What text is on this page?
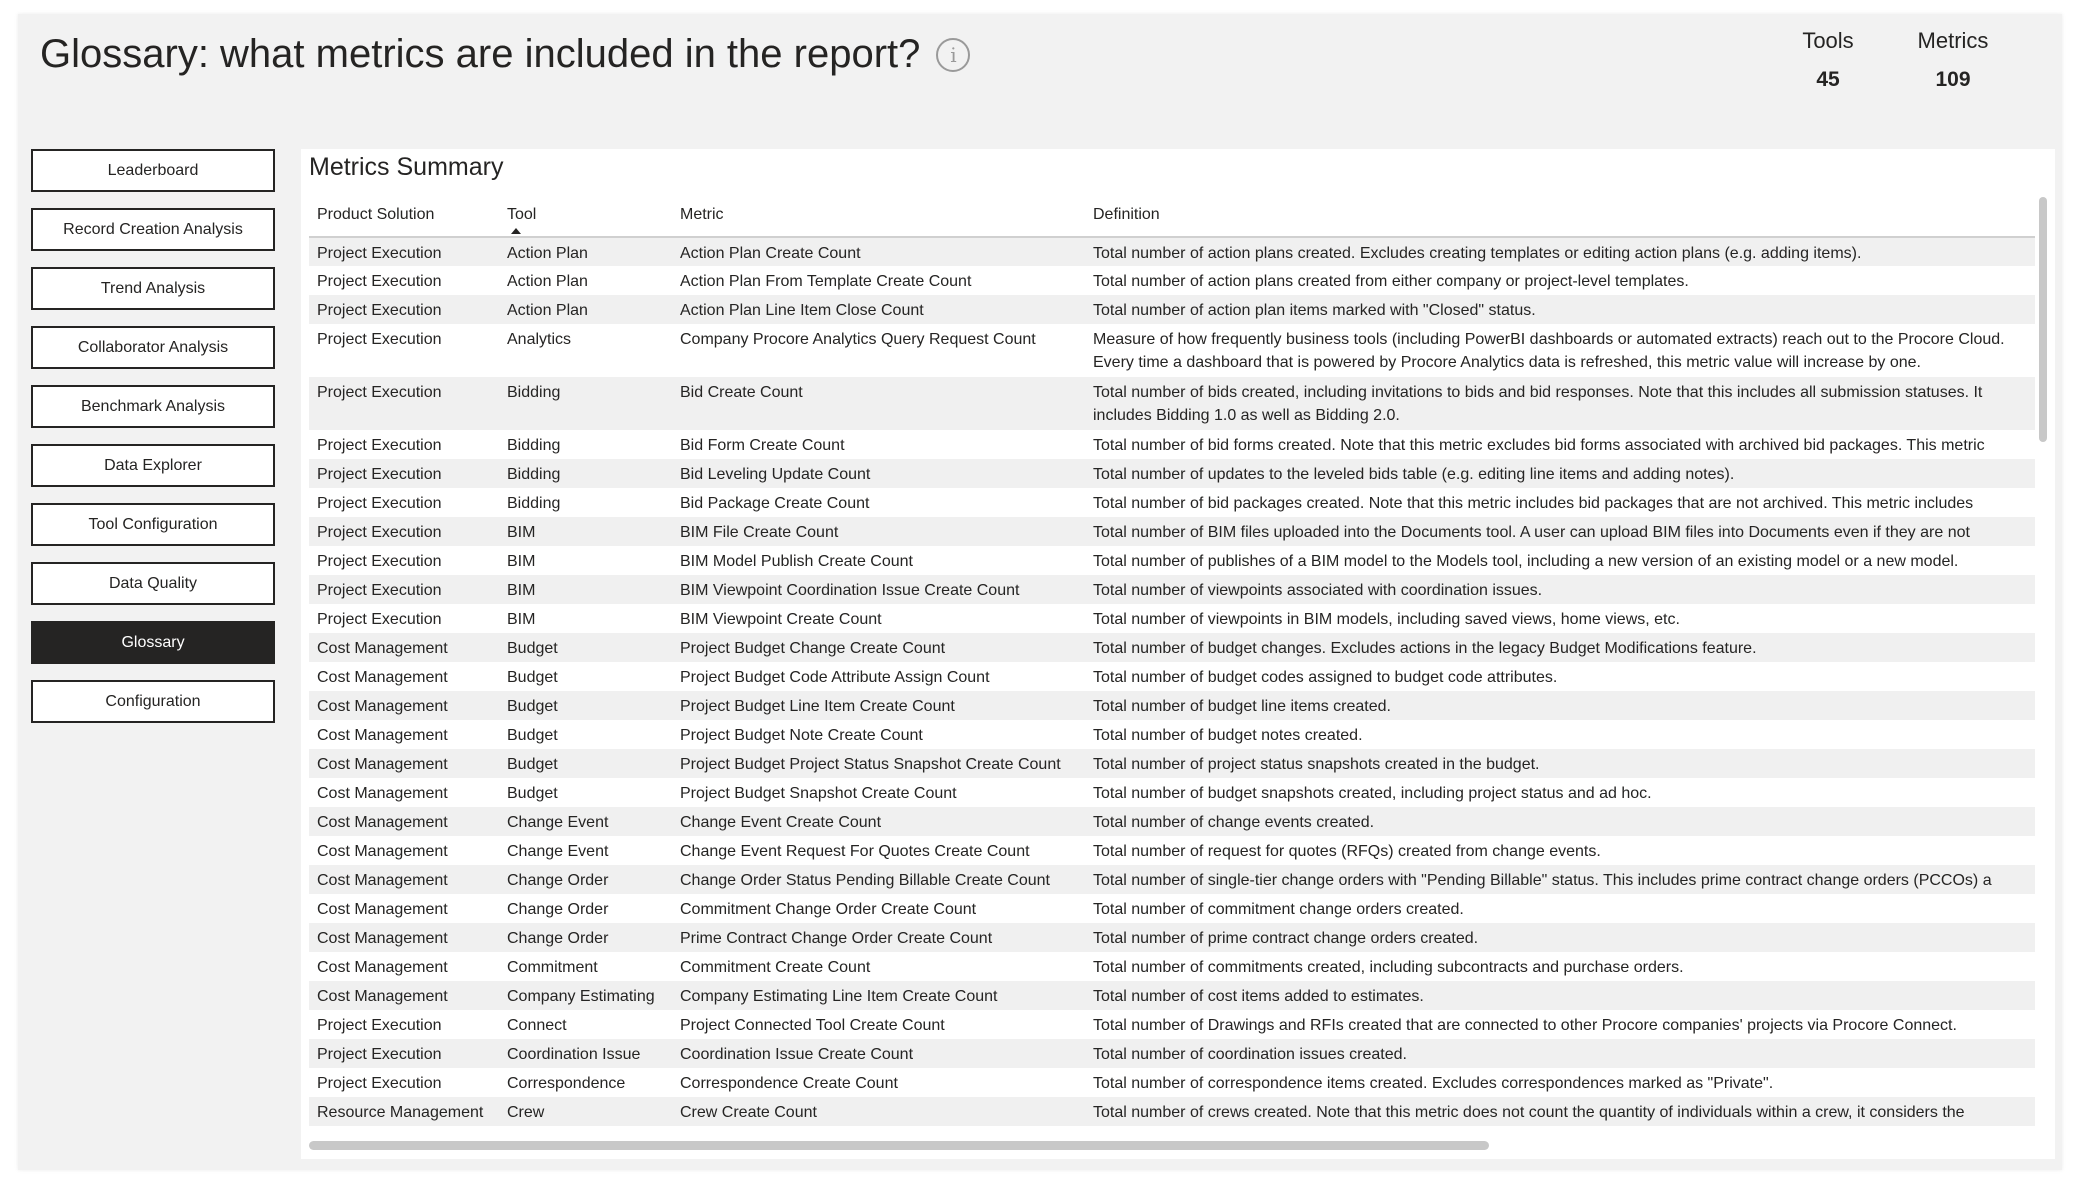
Glossary: what metrics are included in the report?	i
Tools
45
Metrics
109
Leaderboard
Record Creation Analysis
Trend Analysis
Collaborator Analysis
Benchmark Analysis
Data Explorer
Tool Configuration
Data Quality
Glossary
Configuration
Metrics Summary
Product Solution	Tool	Metric	Definition
Project Execution	Action Plan	Action Plan Create Count	Total number of action plans created. Excludes creating templates or editing action plans (e.g. adding items).

Project Execution	Action Plan	Action Plan From Template Create Count	Total number of action plans created from either company or project-level templates.

Project Execution	Action Plan	Action Plan Line Item Close Count	Total number of action plan items marked with "Closed" status.

Project Execution	Analytics	Company Procore Analytics Query Request Count	Measure of how frequently business tools (including PowerBI dashboards or automated extracts) reach out to the Procore Cloud. Every time a dashboard that is powered by Procore Analytics data is refreshed, this metric value will increase by one.

Project Execution	Bidding	Bid Create Count	Total number of bids created, including invitations to bids and bid responses. Note that this includes all submission statuses. It includes Bidding 1.0 as well as Bidding 2.0.

Project Execution	Bidding	Bid Form Create Count	Total number of bid forms created. Note that this metric excludes bid forms associated with archived bid packages. This metric

Project Execution	Bidding	Bid Leveling Update Count	Total number of updates to the leveled bids table (e.g. editing line items and adding notes).

Project Execution	Bidding	Bid Package Create Count	Total number of bid packages created. Note that this metric includes bid packages that are not archived. This metric includes

Project Execution	BIM	BIM File Create Count	Total number of BIM files uploaded into the Documents tool. A user can upload BIM files into Documents even if they are not

Project Execution	BIM	BIM Model Publish Create Count	Total number of publishes of a BIM model to the Models tool, including a new version of an existing model or a new model.

Project Execution	BIM	BIM Viewpoint Coordination Issue Create Count	Total number of viewpoints associated with coordination issues.

Project Execution	BIM	BIM Viewpoint Create Count	Total number of viewpoints in BIM models, including saved views, home views, etc.

Cost Management	Budget	Project Budget Change Create Count	Total number of budget changes. Excludes actions in the legacy Budget Modifications feature.

Cost Management	Budget	Project Budget Code Attribute Assign Count	Total number of budget codes assigned to budget code attributes.

Cost Management	Budget	Project Budget Line Item Create Count	Total number of budget line items created.

Cost Management	Budget	Project Budget Note Create Count	Total number of budget notes created.

Cost Management	Budget	Project Budget Project Status Snapshot Create Count	Total number of project status snapshots created in the budget.

Cost Management	Budget	Project Budget Snapshot Create Count	Total number of budget snapshots created, including project status and ad hoc.

Cost Management	Change Event	Change Event Create Count	Total number of change events created.

Cost Management	Change Event	Change Event Request For Quotes Create Count	Total number of request for quotes (RFQs) created from change events.

Cost Management	Change Order	Change Order Status Pending Billable Create Count	Total number of single-tier change orders with "Pending Billable" status. This includes prime contract change orders (PCCOs) a

Cost Management	Change Order	Commitment Change Order Create Count	Total number of commitment change orders created.

Cost Management	Change Order	Prime Contract Change Order Create Count	Total number of prime contract change orders created.

Cost Management	Commitment	Commitment Create Count	Total number of commitments created, including subcontracts and purchase orders.

Cost Management	Company Estimating	Company Estimating Line Item Create Count	Total number of cost items added to estimates.

Project Execution	Connect	Project Connected Tool Create Count	Total number of Drawings and RFIs created that are connected to other Procore companies' projects via Procore Connect.

Project Execution	Coordination Issue	Coordination Issue Create Count	Total number of coordination issues created.

Project Execution	Correspondence	Correspondence Create Count	Total number of correspondence items created. Excludes correspondences marked as "Private".

Resource Management	Crew	Crew Create Count	Total number of crews created. Note that this metric does not count the quantity of individuals within a crew, it considers the
